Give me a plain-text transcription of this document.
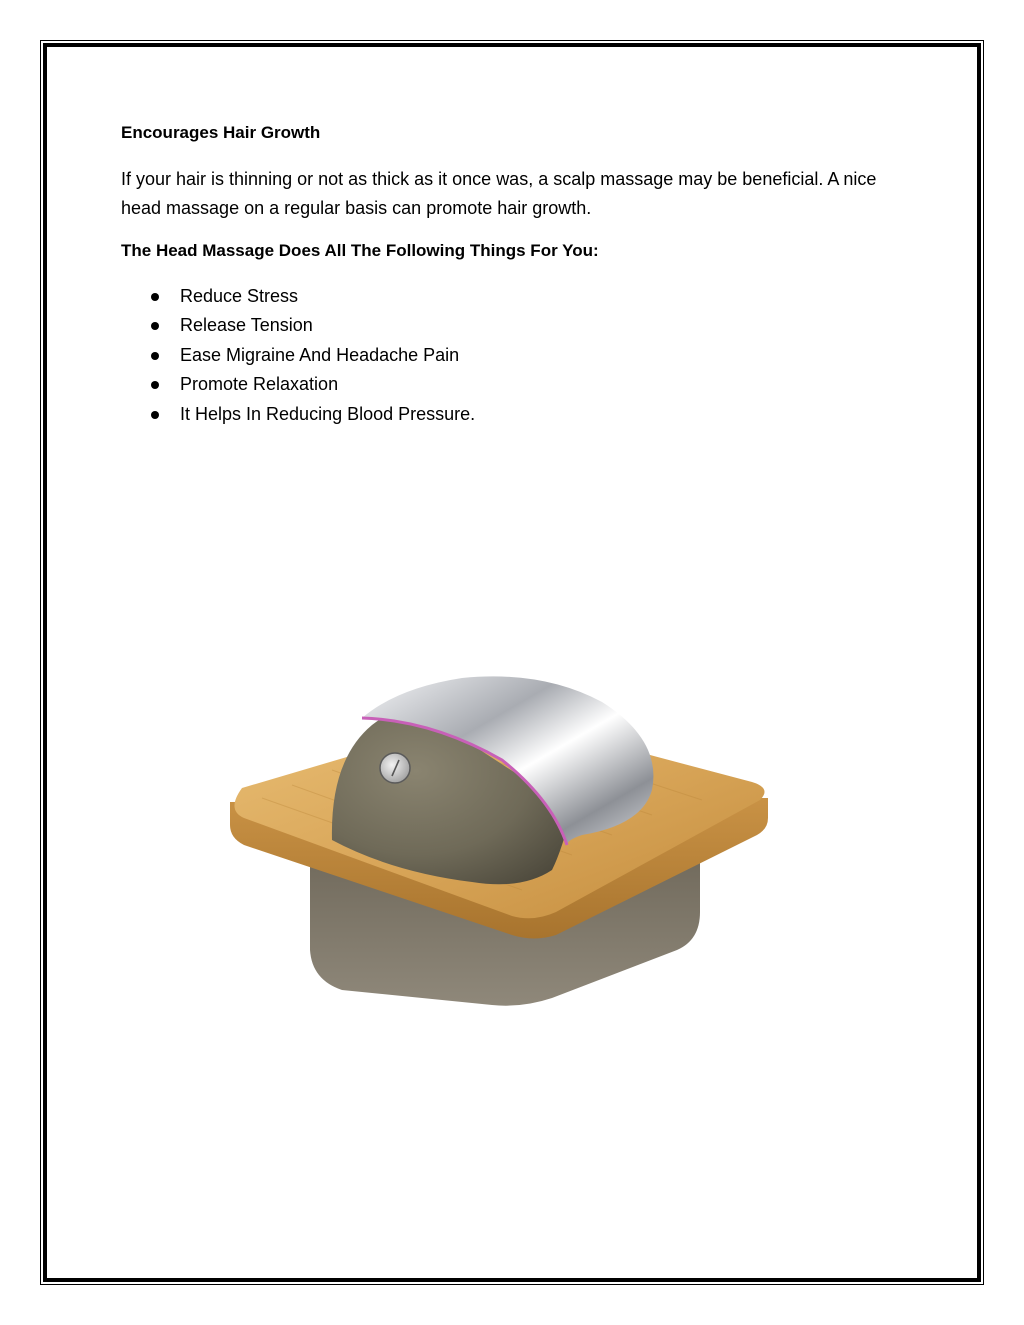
Encourages Hair Growth

If your hair is thinning or not as thick as it once was, a scalp massage may be beneficial. A nice head massage on a regular basis can promote hair growth.

The Head Massage Does All The Following Things For You:

Reduce Stress
Release Tension
Ease Migraine And Headache Pain
Promote Relaxation
It Helps In Reducing Blood Pressure.
